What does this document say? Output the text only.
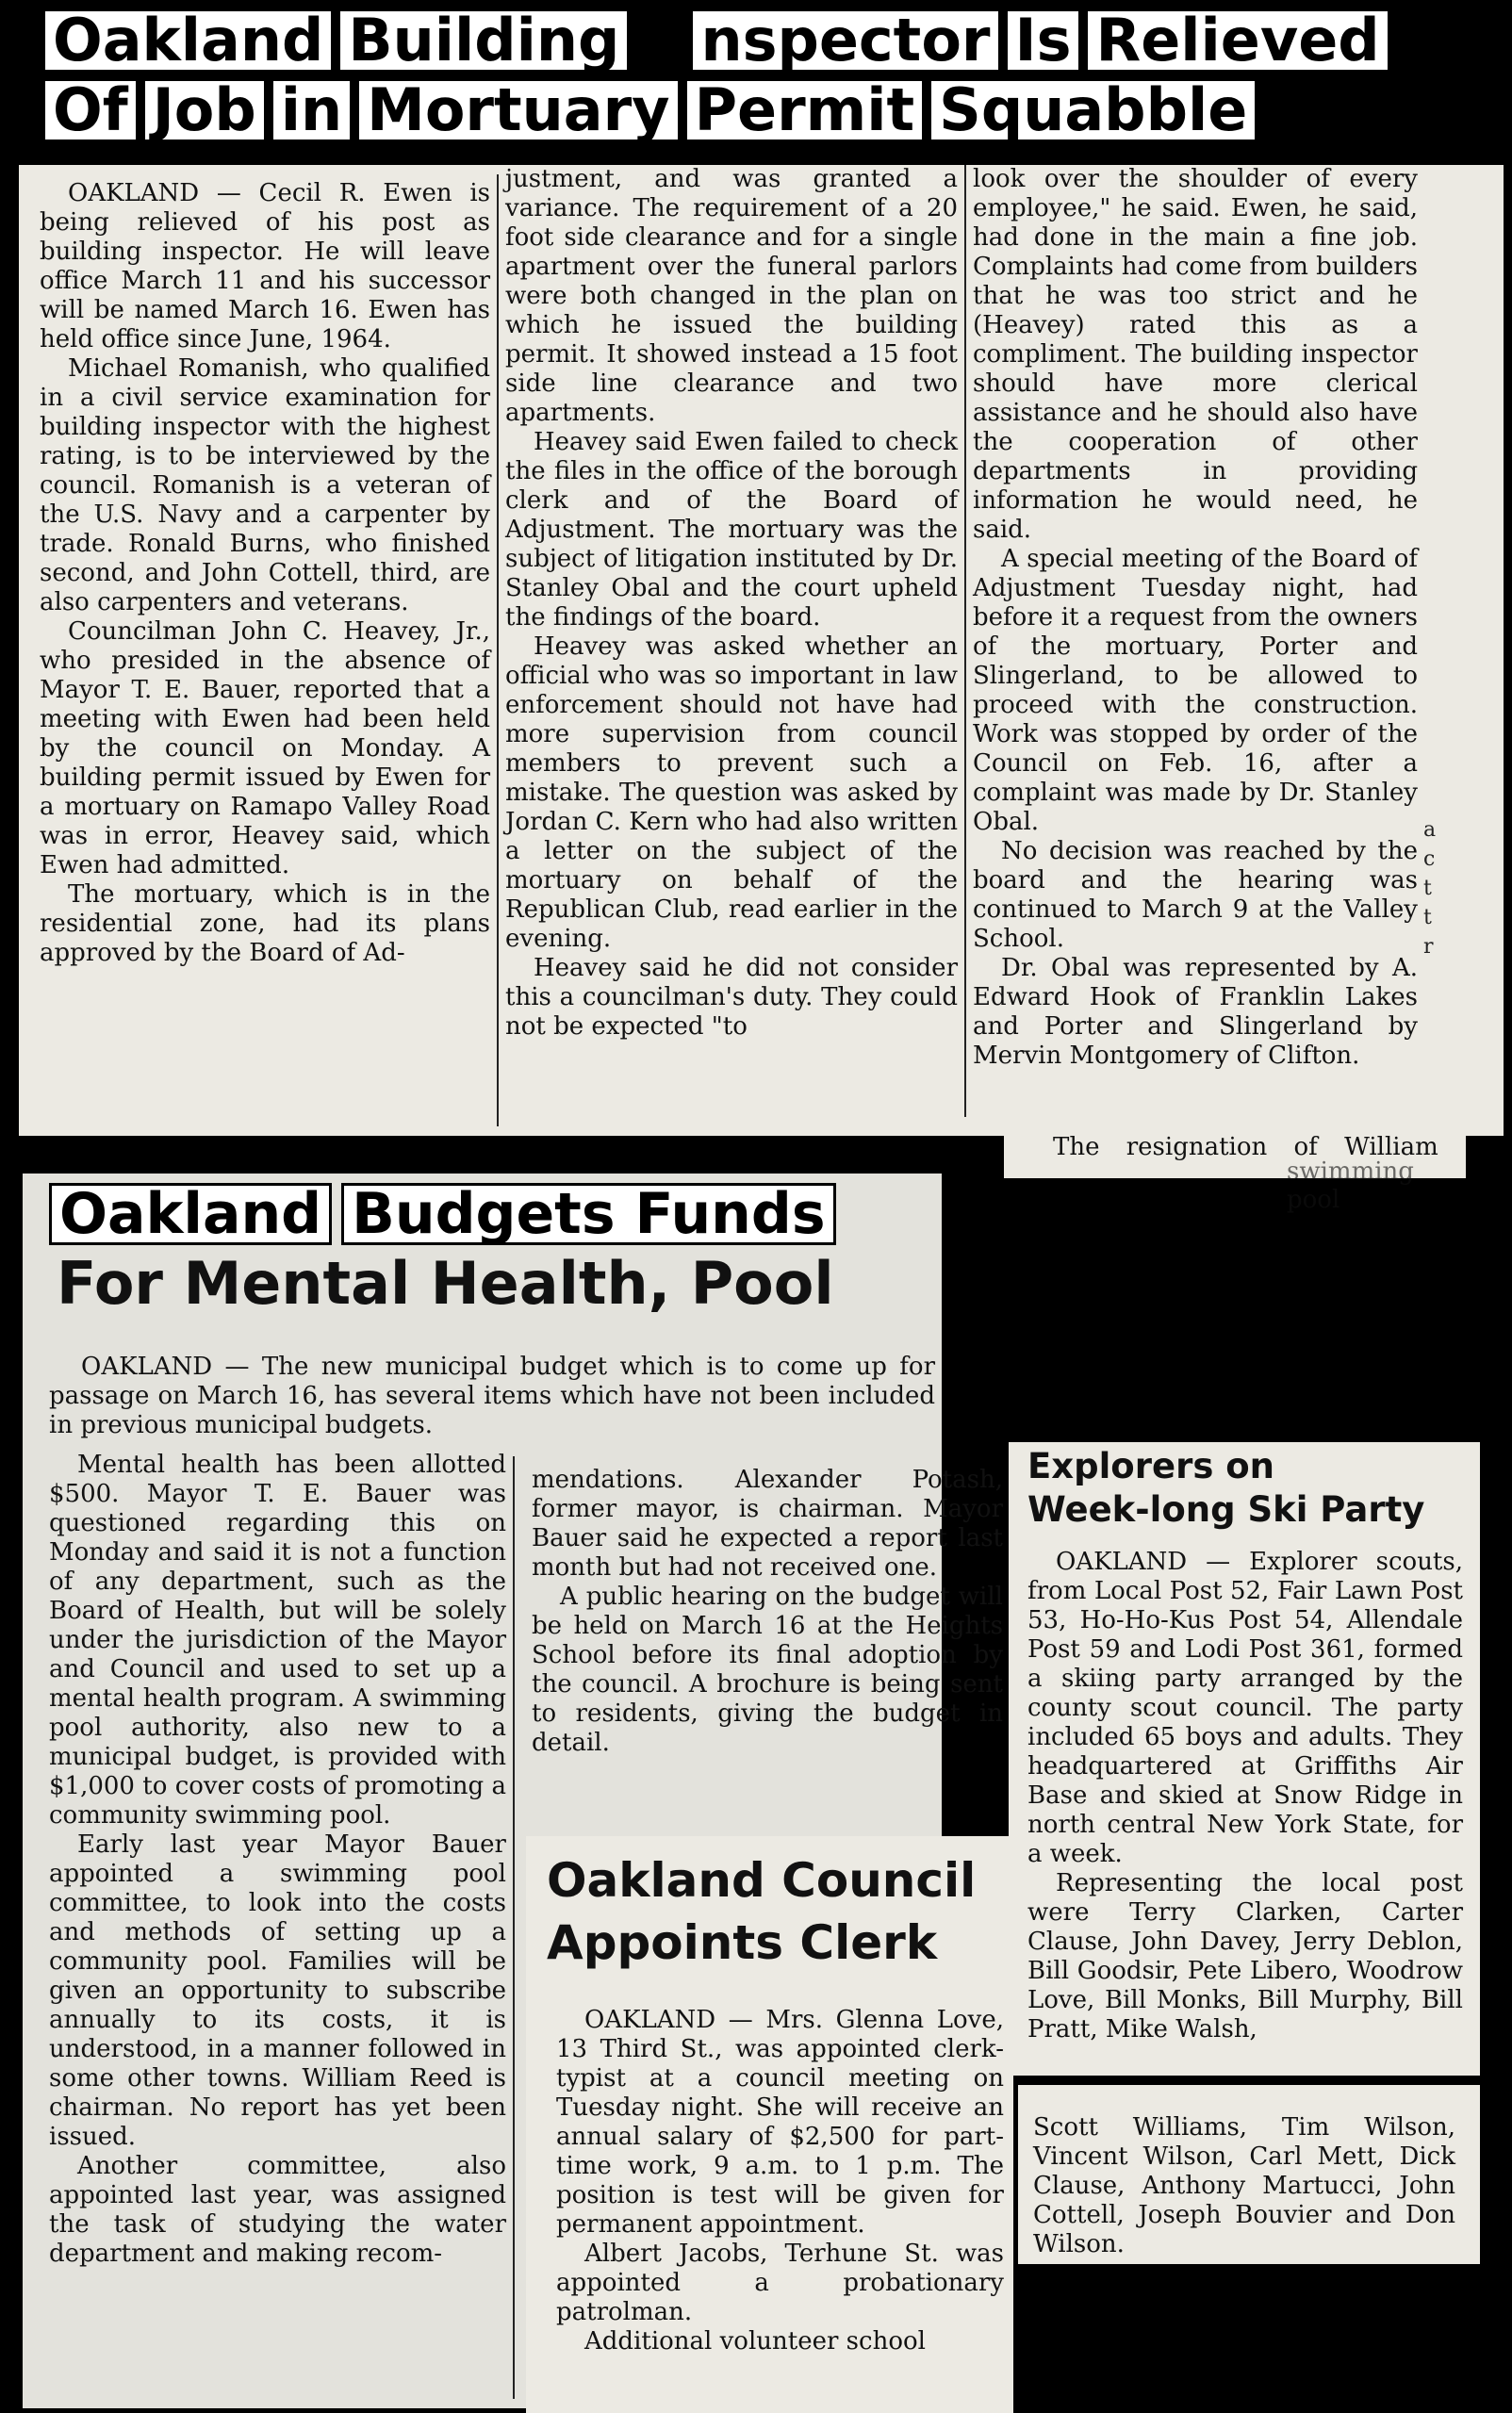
Oakland Building nspector Is Relieved
Of Job in Mortuary Permit Squabble

OAKLAND — Cecil R. Ewen is being relieved of his post as building inspector. He will leave office March 11 and his successor will be named March 16. Ewen has held office since June, 1964.

Michael Romanish, who qualified in a civil service examination for building inspector with the highest rating, is to be interviewed by the council. Romanish is a veteran of the U.S. Navy and a carpenter by trade. Ronald Burns, who finished second, and John Cottell, third, are also carpenters and veterans.

Councilman John C. Heavey, Jr., who presided in the absence of Mayor T. E. Bauer, reported that a meeting with Ewen had been held by the council on Monday. A building permit issued by Ewen for a mortuary on Ramapo Valley Road was in error, Heavey said, which Ewen had admitted.

The mortuary, which is in the residential zone, had its plans approved by the Board of Ad-

justment, and was granted a variance. The requirement of a 20 foot side clearance and for a single apartment over the funeral parlors were both changed in the plan on which he issued the building permit. It showed instead a 15 foot side line clearance and two apartments.

Heavey said Ewen failed to check the files in the office of the borough clerk and of the Board of Adjustment. The mortuary was the subject of litigation instituted by Dr. Stanley Obal and the court upheld the findings of the board.

Heavey was asked whether an official who was so important in law enforcement should not have had more supervision from council members to prevent such a mistake. The question was asked by Jordan C. Kern who had also written a letter on the subject of the mortuary on behalf of the Republican Club, read earlier in the evening.

Heavey said he did not consider this a councilman's duty. They could not be expected "to

look over the shoulder of every employee," he said. Ewen, he said, had done in the main a fine job. Complaints had come from builders that he was too strict and he (Heavey) rated this as a compliment. The building inspector should have more clerical assistance and he should also have the cooperation of other departments in providing information he would need, he said.

A special meeting of the Board of Adjustment Tuesday night, had before it a request from the owners of the mortuary, Porter and Slingerland, to be allowed to proceed with the construction. Work was stopped by order of the Council on Feb. 16, after a complaint was made by Dr. Stanley Obal.

No decision was reached by the board and the hearing was continued to March 9 at the Valley School.

Dr. Obal was represented by A. Edward Hook of Franklin Lakes and Porter and Slingerland by Mervin Montgomery of Clifton.

a c t t r
The resignation of William
swimming pool
Oakland Budgets Funds
For Mental Health, Pool

OAKLAND — The new municipal budget which is to come up for passage on March 16, has several items which have not been included in previous municipal budgets.

Mental health has been allotted $500. Mayor T. E. Bauer was questioned regarding this on Monday and said it is not a function of any department, such as the Board of Health, but will be solely under the jurisdiction of the Mayor and Council and used to set up a mental health program. A swimming pool authority, also new to a municipal budget, is provided with $1,000 to cover costs of promoting a community swimming pool.

Early last year Mayor Bauer appointed a swimming pool committee, to look into the costs and methods of setting up a community pool. Families will be given an opportunity to subscribe annually to its costs, it is understood, in a manner followed in some other towns. William Reed is chairman. No report has yet been issued.

Another committee, also appointed last year, was assigned the task of studying the water department and making recom-

mendations. Alexander Potash, former mayor, is chairman. Mayor Bauer said he expected a report last month but had not received one.

A public hearing on the budget will be held on March 16 at the Heights School before its final adoption by the council. A brochure is being sent to residents, giving the budget in detail.

Oakland Council
Appoints Clerk

OAKLAND — Mrs. Glenna Love, 13 Third St., was appointed clerk-typist at a council meeting on Tuesday night. She will receive an annual salary of $2,500 for part-time work, 9 a.m. to 1 p.m. The position is test will be given for permanent appointment.

Albert Jacobs, Terhune St. was appointed a probationary patrolman.

Additional volunteer school

Explorers on
Week-long Ski Party

OAKLAND — Explorer scouts, from Local Post 52, Fair Lawn Post 53, Ho-Ho-Kus Post 54, Allendale Post 59 and Lodi Post 361, formed a skiing party arranged by the county scout council. The party included 65 boys and adults. They headquartered at Griffiths Air Base and skied at Snow Ridge in north central New York State, for a week.

Representing the local post were Terry Clarken, Carter Clause, John Davey, Jerry Deblon, Bill Goodsir, Pete Libero, Woodrow Love, Bill Monks, Bill Murphy, Bill Pratt, Mike Walsh,

Scott Williams, Tim Wilson, Vincent Wilson, Carl Mett, Dick Clause, Anthony Martucci, John Cottell, Joseph Bouvier and Don Wilson.
